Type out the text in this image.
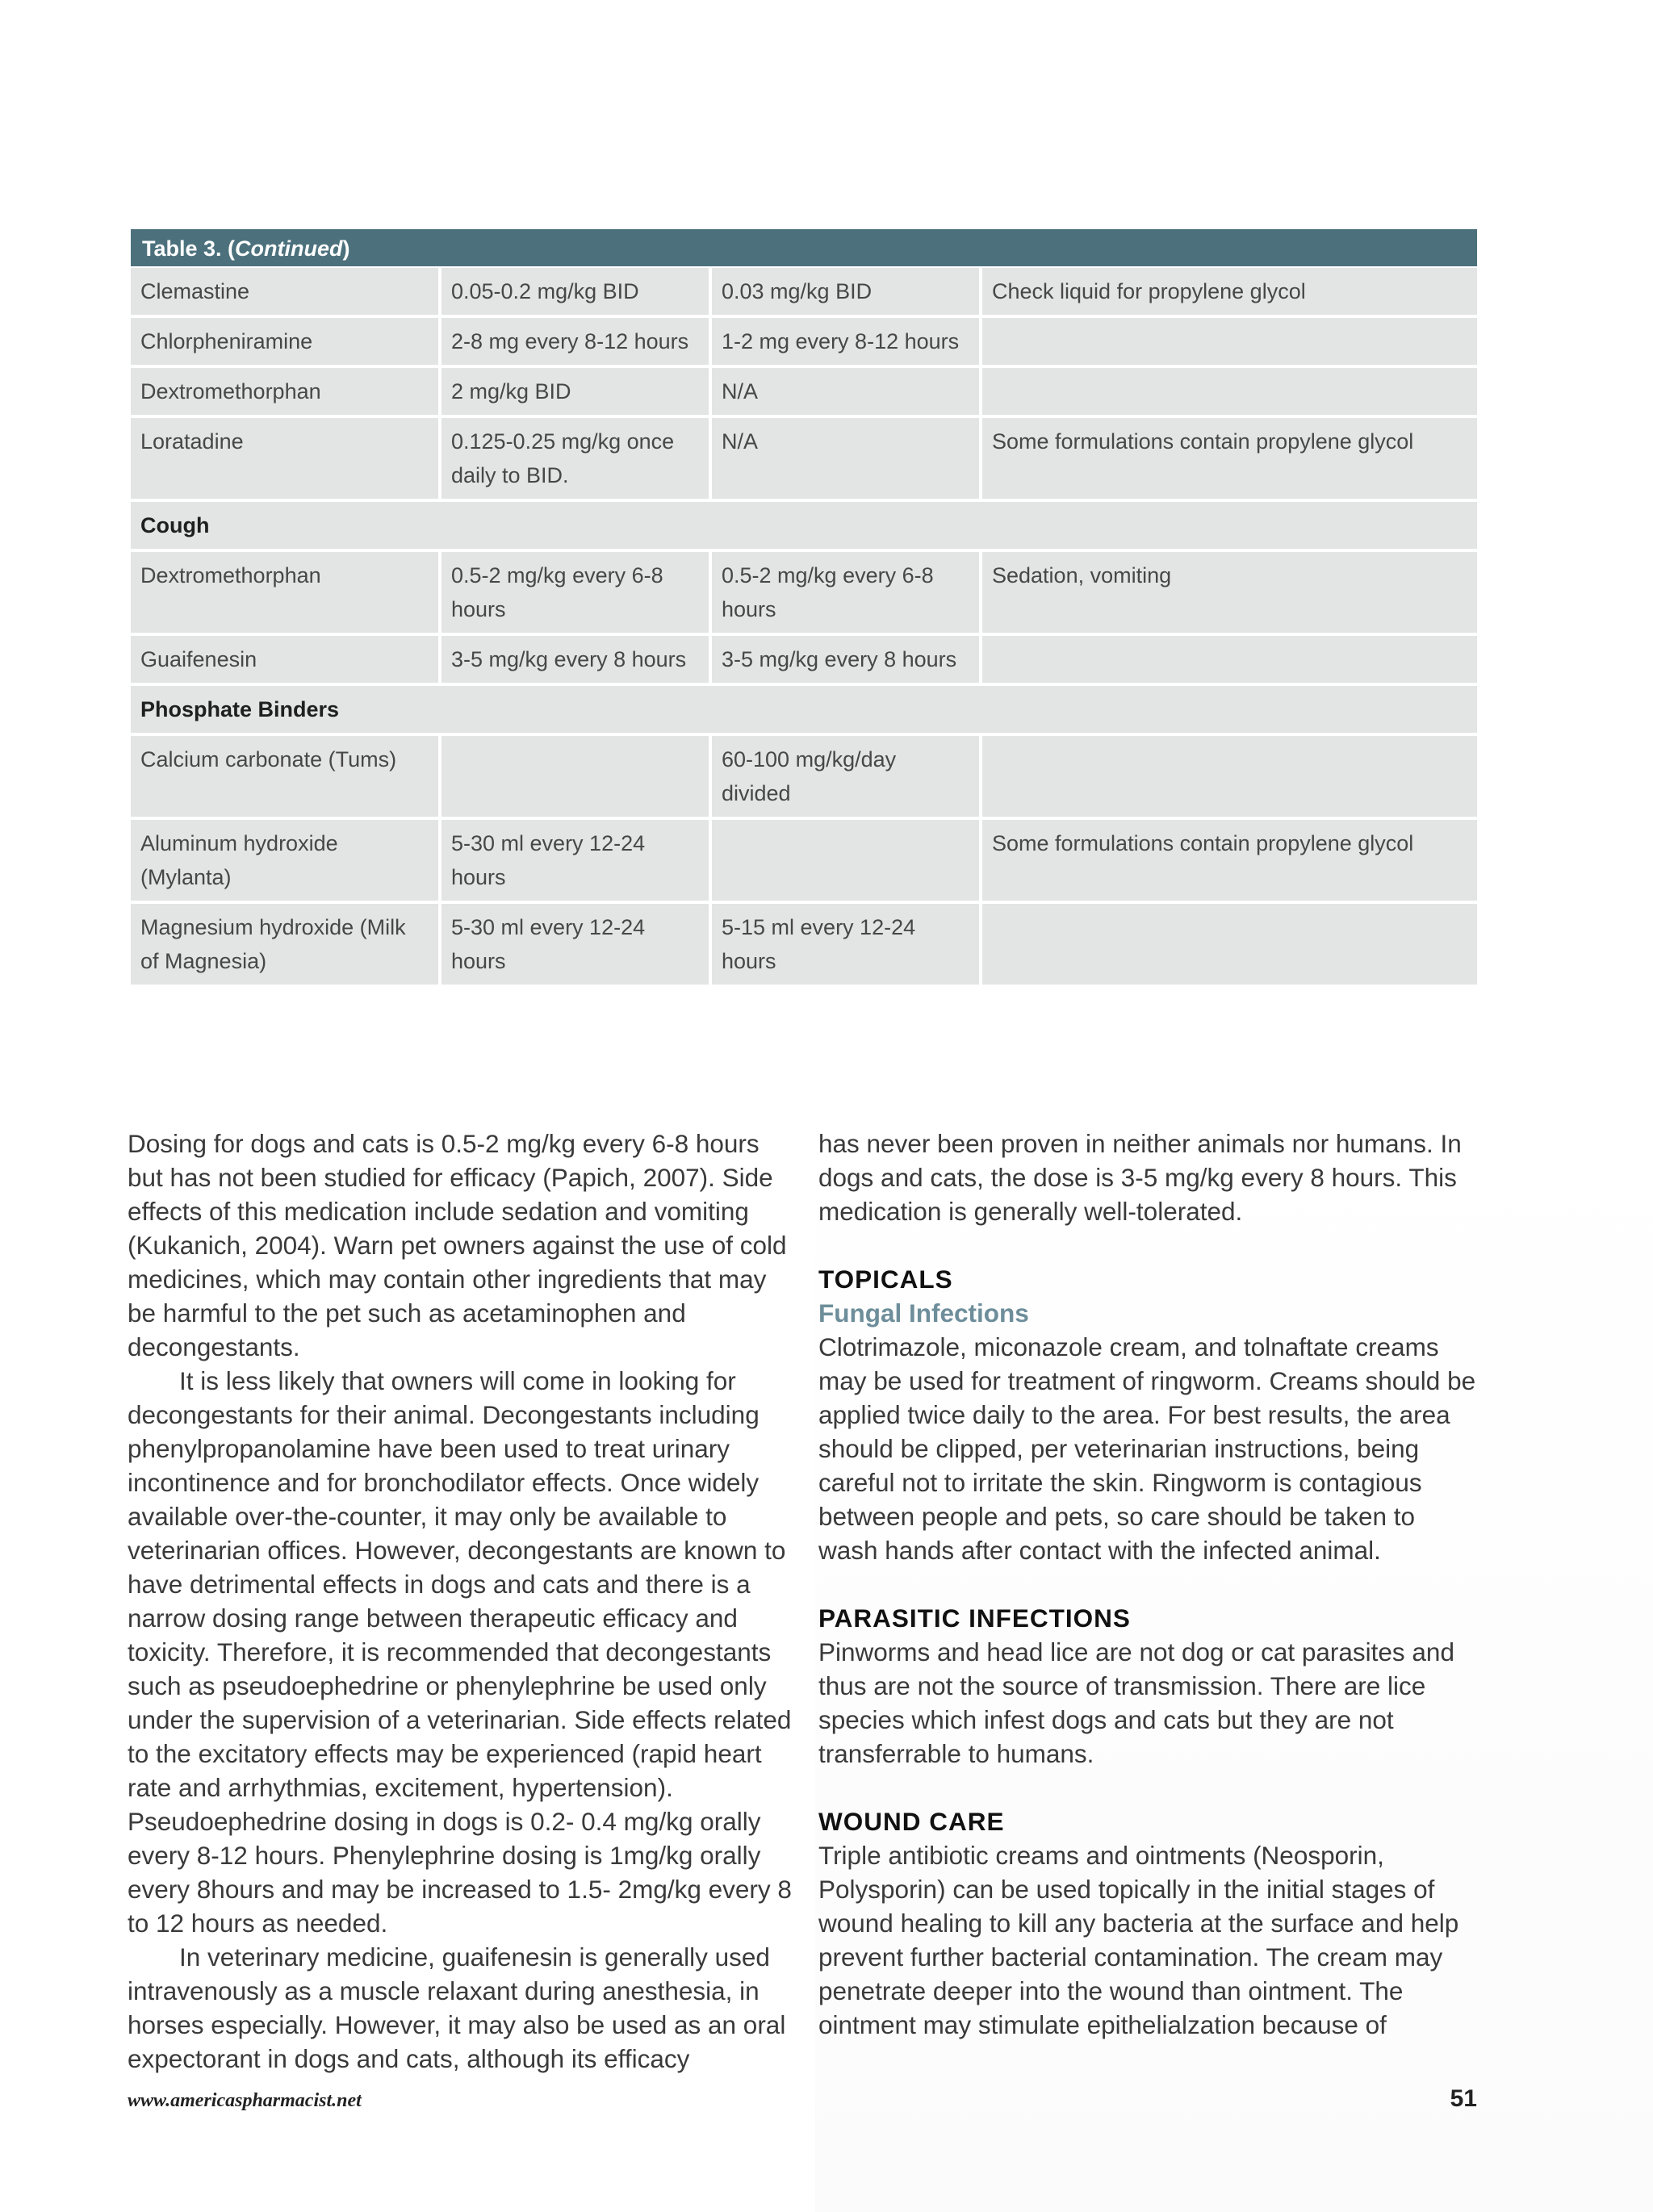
Table 3. (Continued)
Clemastine	0.05-0.2 mg/kg BID	0.03 mg/kg BID	Check liquid for propylene glycol
Chlorpheniramine	2-8 mg every 8-12 hours	1-2 mg every 8-12 hours	
Dextromethorphan	2 mg/kg BID	N/A	
Loratadine	0.125-0.25 mg/kg once daily to BID.	N/A	Some formulations contain propylene glycol
Cough			
Dextromethorphan	0.5-2 mg/kg every 6-8 hours	0.5-2 mg/kg every 6-8 hours	Sedation, vomiting
Guaifenesin	3-5 mg/kg every 8 hours	3-5 mg/kg every 8 hours	
Phosphate Binders			
Calcium carbonate (Tums)		60-100 mg/kg/day divided	
Aluminum hydroxide (Mylanta)	5-30 ml every 12-24 hours		Some formulations contain propylene glycol
Magnesium hydroxide (Milk of Magnesia)	5-30 ml every 12-24 hours	5-15 ml every 12-24 hours	

Dosing for dogs and cats is 0.5-2 mg/kg every 6-8 hours but has not been studied for efficacy (Papich, 2007). Side effects of this medication include sedation and vomiting (Kukanich, 2004). Warn pet owners against the use of cold medicines, which may contain other ingredients that may be harmful to the pet such as acetaminophen and decongestants.

It is less likely that owners will come in looking for decongestants for their animal. Decongestants including phenylpropanolamine have been used to treat urinary incontinence and for bronchodilator effects. Once widely available over-the-counter, it may only be available to veterinarian offices. However, decongestants are known to have detrimental effects in dogs and cats and there is a narrow dosing range between therapeutic efficacy and toxicity. Therefore, it is recommended that decongestants such as pseudoephedrine or phenylephrine be used only under the supervision of a veterinarian. Side effects related to the excitatory effects may be experienced (rapid heart rate and arrhythmias, excitement, hypertension). Pseudoephedrine dosing in dogs is 0.2- 0.4 mg/kg orally every 8-12 hours. Phenylephrine dosing is 1mg/kg orally every 8hours and may be increased to 1.5- 2mg/kg every 8 to 12 hours as needed.

In veterinary medicine, guaifenesin is generally used intravenously as a muscle relaxant during anesthesia, in horses especially. However, it may also be used as an oral expectorant in dogs and cats, although its efficacy

has never been proven in neither animals nor humans. In dogs and cats, the dose is 3-5 mg/kg every 8 hours. This medication is generally well-tolerated.

TOPICALS

Fungal Infections

Clotrimazole, miconazole cream, and tolnaftate creams may be used for treatment of ringworm. Creams should be applied twice daily to the area. For best results, the area should be clipped, per veterinarian instructions, being careful not to irritate the skin. Ringworm is contagious between people and pets, so care should be taken to wash hands after contact with the infected animal.

PARASITIC INFECTIONS

Pinworms and head lice are not dog or cat parasites and thus are not the source of transmission. There are lice species which infest dogs and cats but they are not transferrable to humans.

WOUND CARE

Triple antibiotic creams and ointments (Neosporin, Polysporin) can be used topically in the initial stages of wound healing to kill any bacteria at the surface and help prevent further bacterial contamination. The cream may penetrate deeper into the wound than ointment. The ointment may stimulate epithelialzation because of

www.americaspharmacist.net	51
